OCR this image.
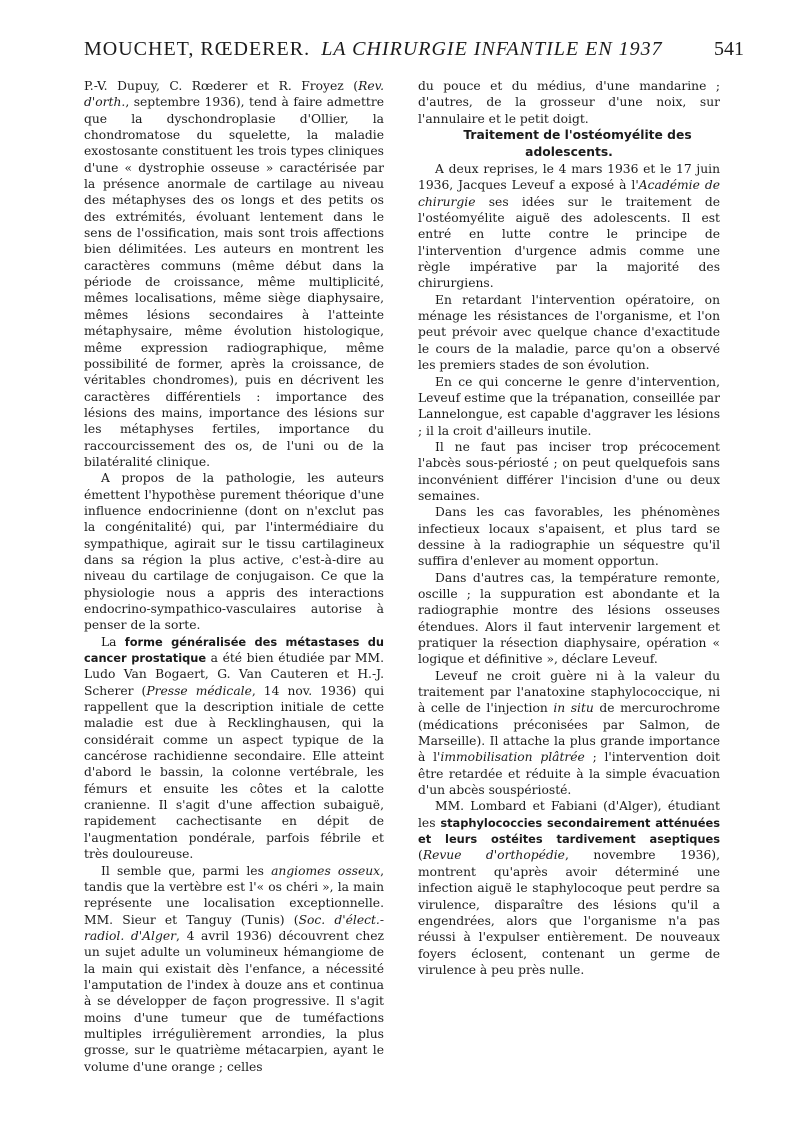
MOUCHET, RŒDERER. LA CHIRURGIE INFANTILE EN 1937	541

P.-V. Dupuy, C. Rœderer et R. Froyez (Rev. d'orth., septembre 1936), tend à faire admettre que la dyschondroplasie d'Ollier, la chondromatose du squelette, la maladie exostosante constituent les trois types cliniques d'une « dystrophie osseuse » caractérisée par la présence anormale de cartilage au niveau des métaphyses des os longs et des petits os des extrémités, évoluant lentement dans le sens de l'ossification, mais sont trois affections bien délimitées. Les auteurs en montrent les caractères communs (même début dans la période de croissance, même multiplicité, mêmes localisations, même siège diaphysaire, mêmes lésions secondaires à l'atteinte métaphysaire, même évolution histologique, même expression radiographique, même possibilité de former, après la croissance, de véritables chondromes), puis en décrivent les caractères différentiels : importance des lésions des mains, importance des lésions sur les métaphyses fertiles, importance du raccourcissement des os, de l'uni ou de la bilatéralité clinique.

A propos de la pathologie, les auteurs émettent l'hypothèse purement théorique d'une influence endocrinienne (dont on n'exclut pas la congénitalité) qui, par l'intermédiaire du sympathique, agirait sur le tissu cartilagineux dans sa région la plus active, c'est-à-dire au niveau du cartilage de conjugaison. Ce que la physiologie nous a appris des interactions endocrino-sympathico-vasculaires autorise à penser de la sorte.

La forme généralisée des métastases du cancer prostatique a été bien étudiée par MM. Ludo Van Bogaert, G. Van Cauteren et H.-J. Scherer (Presse médicale, 14 nov. 1936) qui rappellent que la description initiale de cette maladie est due à Recklinghausen, qui la considérait comme un aspect typique de la cancérose rachidienne secondaire. Elle atteint d'abord le bassin, la colonne vertébrale, les fémurs et ensuite les côtes et la calotte cranienne. Il s'agit d'une affection subaiguë, rapidement cachectisante en dépit de l'augmentation pondérale, parfois fébrile et très douloureuse.

Il semble que, parmi les angiomes osseux, tandis que la vertèbre est l'« os chéri », la main représente une localisation exceptionnelle. MM. Sieur et Tanguy (Tunis) (Soc. d'élect.-radiol. d'Alger, 4 avril 1936) découvrent chez un sujet adulte un volumineux hémangiome de la main qui existait dès l'enfance, a nécessité l'amputation de l'index à douze ans et continua à se développer de façon progressive. Il s'agit moins d'une tumeur que de tuméfactions multiples irrégulièrement arrondies, la plus grosse, sur le quatrième métacarpien, ayant le volume d'une orange ; celles

du pouce et du médius, d'une mandarine ; d'autres, de la grosseur d'une noix, sur l'annulaire et le petit doigt.

Traitement de l'ostéomyélite des adolescents.

A deux reprises, le 4 mars 1936 et le 17 juin 1936, Jacques Leveuf a exposé à l'Académie de chirurgie ses idées sur le traitement de l'ostéomyélite aiguë des adolescents. Il est entré en lutte contre le principe de l'intervention d'urgence admis comme une règle impérative par la majorité des chirurgiens.

En retardant l'intervention opératoire, on ménage les résistances de l'organisme, et l'on peut prévoir avec quelque chance d'exactitude le cours de la maladie, parce qu'on a observé les premiers stades de son évolution.

En ce qui concerne le genre d'intervention, Leveuf estime que la trépanation, conseillée par Lannelongue, est capable d'aggraver les lésions ; il la croit d'ailleurs inutile.

Il ne faut pas inciser trop précocement l'abcès sous-périosté ; on peut quelquefois sans inconvénient différer l'incision d'une ou deux semaines.

Dans les cas favorables, les phénomènes infectieux locaux s'apaisent, et plus tard se dessine à la radiographie un séquestre qu'il suffira d'enlever au moment opportun.

Dans d'autres cas, la température remonte, oscille ; la suppuration est abondante et la radiographie montre des lésions osseuses étendues. Alors il faut intervenir largement et pratiquer la résection diaphysaire, opération « logique et définitive », déclare Leveuf.

Leveuf ne croit guère ni à la valeur du traitement par l'anatoxine staphylococcique, ni à celle de l'injection in situ de mercurochrome (médications préconisées par Salmon, de Marseille). Il attache la plus grande importance à l'immobilisation plâtrée ; l'intervention doit être retardée et réduite à la simple évacuation d'un abcès souspériosté.

MM. Lombard et Fabiani (d'Alger), étudiant les staphylococcies secondairement atténuées et leurs ostéites tardivement aseptiques (Revue d'orthopédie, novembre 1936), montrent qu'après avoir déterminé une infection aiguë le staphylocoque peut perdre sa virulence, disparaître des lésions qu'il a engendrées, alors que l'organisme n'a pas réussi à l'expulser entièrement. De nouveaux foyers éclosent, contenant un germe de virulence à peu près nulle.
